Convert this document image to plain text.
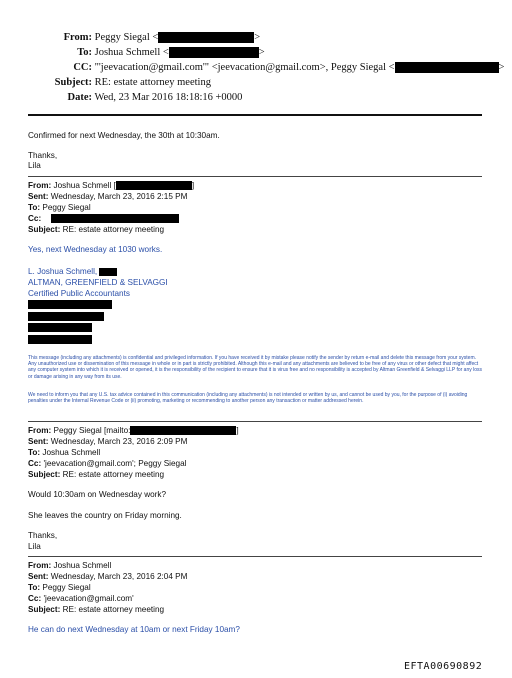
From: Peggy Siegal <	>
To: Joshua Schmell <	>
CC: "'jeevacation@gmail.com'" <jeevacation@gmail.com>, Peggy Siegal <	>
Subject: RE: estate attorney meeting
Date: Wed, 23 Mar 2016 18:18:16 +0000
Confirmed for next Wednesday, the 30th at 10:30am.
Thanks,
Lila
From: Joshua Schmell [	]
Sent: Wednesday, March 23, 2016 2:15 PM
To: Peggy Siegal
Cc:
Subject: RE: estate attorney meeting
Yes, next Wednesday at 1030 works.
L. Joshua Schmell,
ALTMAN, GREENFIELD & SELVAGGI
Certified Public Accountants
This message (including any attachments) is confidential and privileged information. If you have received it by mistake please notify the sender by return e-mail and delete this message from your system. Any unauthorized use or dissemination of this message in whole or in part is strictly prohibited. Although this e-mail and any attachments are believed to be free of any virus or other defect that might affect any computer system into which it is received or opened, it is the responsibility of the recipient to ensure that it is virus free and no responsibility is accepted by Altman Greenfield & Selvaggi LLP for any loss or damage arising in any way from its use.
We need to inform you that any U.S. tax advice contained in this communication (including any attachments) is not intended or written by us, and cannot be used by you, for the purpose of (i) avoiding penalties under the Internal Revenue Code or (ii) promoting, marketing or recommending to another person any transaction or matter addressed herein.
From: Peggy Siegal [mailto:	]
Sent: Wednesday, March 23, 2016 2:09 PM
To: Joshua Schmell
Cc: 'jeevacation@gmail.com'; Peggy Siegal
Subject: RE: estate attorney meeting
Would 10:30am on Wednesday work?
She leaves the country on Friday morning.
Thanks,
Lila
From: Joshua Schmell
Sent: Wednesday, March 23, 2016 2:04 PM
To: Peggy Siegal
Cc: 'jeevacation@gmail.com'
Subject: RE: estate attorney meeting
He can do next Wednesday at 10am or next Friday 10am?
EFTA00690892
